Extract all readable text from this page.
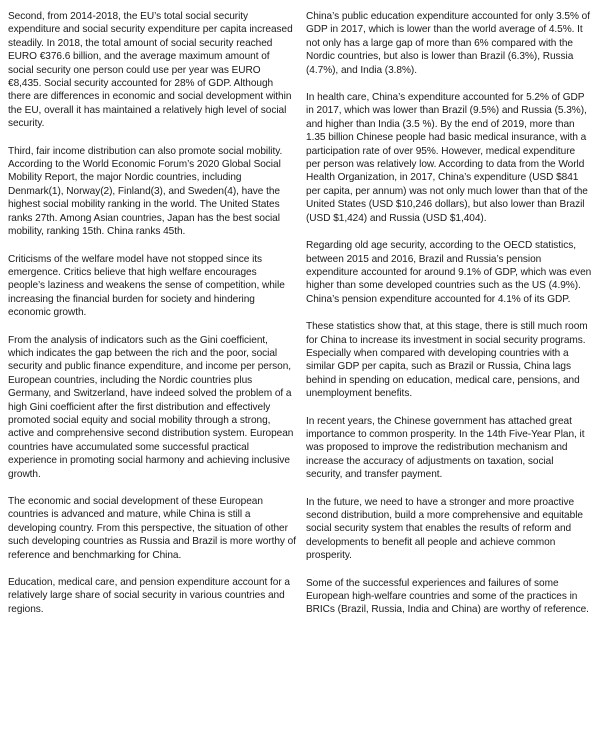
Second, from 2014-2018, the EU’s total social security expenditure and social security expenditure per capita increased steadily. In 2018, the total amount of social security reached EURO €376.6 billion, and the average maximum amount of social security one person could use per year was EURO €8,435. Social security accounted for 28% of GDP. Although there are differences in economic and social development within the EU, overall it has maintained a relatively high level of social security.

Third, fair income distribution can also promote social mobility. According to the World Economic Forum’s 2020 Global Social Mobility Report, the major Nordic countries, including Denmark(1), Norway(2), Finland(3), and Sweden(4), have the highest social mobility ranking in the world. The United States ranks 27th. Among Asian countries, Japan has the best social mobility, ranking 15th. China ranks 45th.

Criticisms of the welfare model have not stopped since its emergence. Critics believe that high welfare encourages people’s laziness and weakens the sense of competition, while increasing the financial burden for society and hindering economic growth.

From the analysis of indicators such as the Gini coefficient, which indicates the gap between the rich and the poor, social security and public finance expenditure, and income per person, European countries, including the Nordic countries plus Germany, and Switzerland, have indeed solved the problem of a high Gini coefficient after the first distribution and effectively promoted social equity and social mobility through a strong, active and comprehensive second distribution system. European countries have accumulated some successful practical experience in promoting social harmony and achieving inclusive growth.

The economic and social development of these European countries is advanced and mature, while China is still a developing country. From this perspective, the situation of other such developing countries as Russia and Brazil is more worthy of reference and benchmarking for China.

Education, medical care, and pension expenditure account for a relatively large share of social security in various countries and regions.

China’s public education expenditure accounted for only 3.5% of GDP in 2017, which is lower than the world average of 4.5%. It not only has a large gap of more than 6% compared with the Nordic countries, but also is lower than Brazil (6.3%), Russia (4.7%), and India (3.8%).

In health care, China’s expenditure accounted for 5.2% of GDP in 2017, which was lower than Brazil (9.5%) and Russia (5.3%), and higher than India (3.5 %). By the end of 2019, more than 1.35 billion Chinese people had basic medical insurance, with a participation rate of over 95%. However, medical expenditure per person was relatively low. According to data from the World Health Organization, in 2017, China’s expenditure (USD $841 per capita, per annum) was not only much lower than that of the United States (USD $10,246 dollars), but also lower than Brazil (USD $1,424) and Russia (USD $1,404).

Regarding old age security, according to the OECD statistics, between 2015 and 2016, Brazil and Russia’s pension expenditure accounted for around 9.1% of GDP, which was even higher than some developed countries such as the US (4.9%). China’s pension expenditure accounted for 4.1% of its GDP.

These statistics show that, at this stage, there is still much room for China to increase its investment in social security programs. Especially when compared with developing countries with a similar GDP per capita, such as Brazil or Russia, China lags behind in spending on education, medical care, pensions, and unemployment benefits.

In recent years, the Chinese government has attached great importance to common prosperity. In the 14th Five-Year Plan, it was proposed to improve the redistribution mechanism and increase the accuracy of adjustments on taxation, social security, and transfer payment.

In the future, we need to have a stronger and more proactive second distribution, build a more comprehensive and equitable social security system that enables the results of reform and developments to benefit all people and achieve common prosperity.

Some of the successful experiences and failures of some European high-welfare countries and some of the practices in BRICs (Brazil, Russia, India and China) are worthy of reference.
